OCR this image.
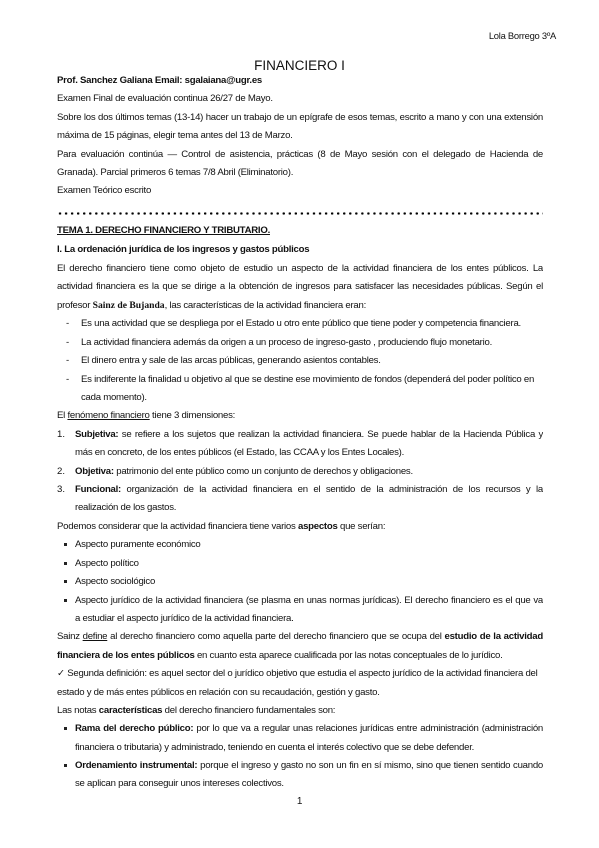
Lola Borrego 3ºA
FINANCIERO I
Prof. Sanchez Galiana Email: sgalaiana@ugr.es
Examen Final de evaluación continua 26/27 de Mayo.
Sobre los dos últimos temas (13-14) hacer un trabajo de un epígrafe de esos temas, escrito a mano y con una extensión
máxima de 15 páginas, elegir tema antes del 13 de Marzo.
Para evaluación continúa — Control de asistencia, prácticas (8 de Mayo sesión con el delegado de Hacienda de
Granada). Parcial primeros 6 temas 7/8 Abril (Eliminatorio).
Examen Teórico escrito
TEMA 1. DERECHO FINANCIERO Y TRIBUTARIO.
I. La ordenación jurídica de los ingresos y gastos públicos
El derecho financiero tiene como objeto de estudio un aspecto de la actividad financiera de los entes públicos. La
actividad financiera es la que se dirige a la obtención de ingresos para satisfacer las necesidades públicas. Según el
profesor Sainz de Bujanda, las características de la actividad financiera eran:
- Es una actividad que se despliega por el Estado u otro ente público que tiene poder y competencia financiera.
- La actividad financiera además da origen a un proceso de ingreso-gasto , produciendo flujo monetario.
- El dinero entra y sale de las arcas públicas, generando asientos contables.
- Es indiferente la finalidad u objetivo al que se destine ese movimiento de fondos (dependerá del poder político en
cada momento).
El fenómeno financiero tiene 3 dimensiones:
1. Subjetiva: se refiere a los sujetos que realizan la actividad financiera. Se puede hablar de la Hacienda Pública y
más en concreto, de los entes públicos (el Estado, las CCAA y los Entes Locales).
2. Objetiva: patrimonio del ente público como un conjunto de derechos y obligaciones.
3. Funcional: organización de la actividad financiera en el sentido de la administración de los recursos y la
realización de los gastos.
Podemos considerar que la actividad financiera tiene varios aspectos que serían:
Aspecto puramente económico
Aspecto político
Aspecto sociológico
Aspecto jurídico de la actividad financiera (se plasma en unas normas jurídicas). El derecho financiero es el que va
a estudiar el aspecto jurídico de la actividad financiera.
Sainz define al derecho financiero como aquella parte del derecho financiero que se ocupa del estudio de la actividad
financiera de los entes públicos en cuanto esta aparece cualificada por las notas conceptuales de lo jurídico.
✓ Segunda definición: es aquel sector del o jurídico objetivo que estudia el aspecto jurídico de la actividad financiera del
estado y de más entes públicos en relación con su recaudación, gestión y gasto.
Las notas características del derecho financiero fundamentales son:
Rama del derecho público: por lo que va a regular unas relaciones jurídicas entre administración (administración
financiera o tributaria) y administrado, teniendo en cuenta el interés colectivo que se debe defender.
Ordenamiento instrumental: porque el ingreso y gasto no son un fin en sí mismo, sino que tienen sentido cuando
se aplican para conseguir unos intereses colectivos.
1
